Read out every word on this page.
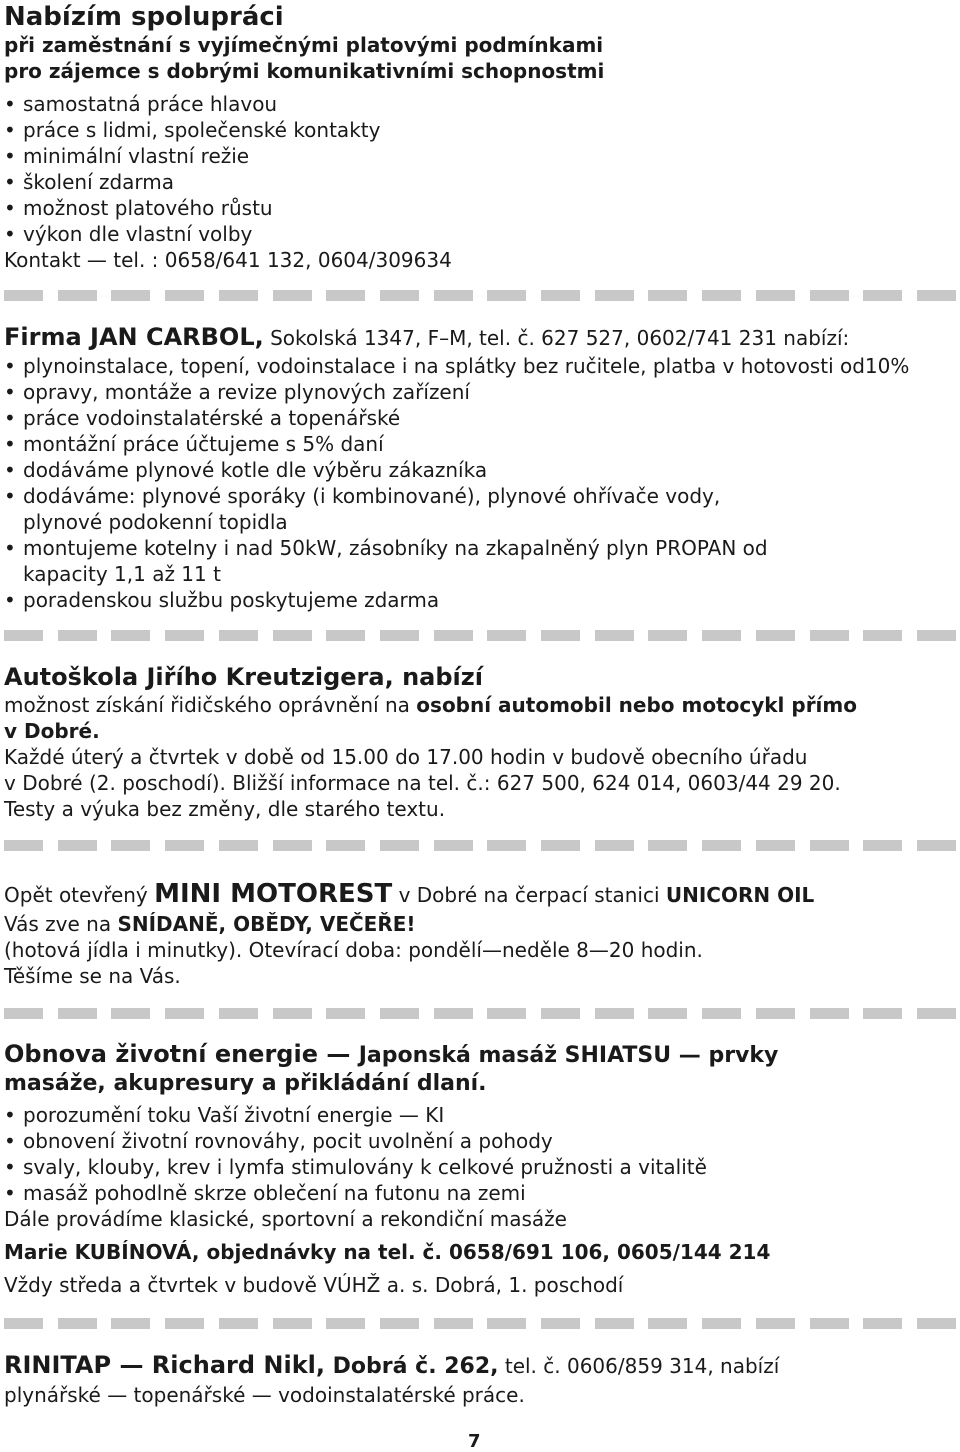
Nabízím spolupráci
při zaměstnání s vyjímečnými platovými podmínkami
pro zájemce s dobrými komunikativními schopnostmi
• samostatná práce hlavou
• práce s lidmi, společenské kontakty
• minimální vlastní režie
• školení zdarma
• možnost platového růstu
• výkon dle vlastní volby
Kontakt — tel. : 0658/641 132, 0604/309634
Firma JAN CARBOL, Sokolská 1347, F–M, tel. č. 627 527, 0602/741 231 nabízí:
• plynoinstalace, topení, vodoinstalace i na splátky bez ručitele, platba v hotovosti od10%
• opravy, montáže a revize plynových zařízení
• práce vodoinstalatérské a topenářské
• montážní práce účtujeme s 5% daní
• dodáváme plynové kotle dle výběru zákazníka
• dodáváme: plynové sporáky (i kombinované), plynové ohřívače vody,
plynové podokenní topidla
• montujeme kotelny i nad 50kW, zásobníky na zkapalněný plyn PROPAN od
kapacity 1,1 až 11 t
• poradenskou službu poskytujeme zdarma
Autoškola Jiřího Kreutzigera, nabízí
možnost získání řidičského oprávnění na osobní automobil nebo motocykl přímo
v Dobré.
Každé úterý a čtvrtek v době od 15.00 do 17.00 hodin v budově obecního úřadu
v Dobré (2. poschodí). Bližší informace na tel. č.: 627 500, 624 014, 0603/44 29 20.
Testy a výuka bez změny, dle starého textu.
Opět otevřený MINI MOTOREST v Dobré na čerpací stanici UNICORN OIL
Vás zve na SNÍDANĚ, OBĚDY, VEČEŘE!
(hotová jídla i minutky). Otevírací doba: pondělí—neděle 8—20 hodin.
Těšíme se na Vás.
Obnova životní energie — Japonská masáž SHIATSU — prvky
masáže, akupresury a přikládání dlaní.
• porozumění toku Vaší životní energie — KI
• obnovení životní rovnováhy, pocit uvolnění a pohody
• svaly, klouby, krev i lymfa stimulovány k celkové pružnosti a vitalitě
• masáž pohodlně skrze oblečení na futonu na zemi
Dále provádíme klasické, sportovní a rekondiční masáže
Marie KUBÍNOVÁ, objednávky na tel. č. 0658/691 106, 0605/144 214
Vždy středa a čtvrtek v budově VÚHŽ a. s. Dobrá, 1. poschodí
RINITAP — Richard Nikl, Dobrá č. 262, tel. č. 0606/859 314, nabízí
plynářské — topenářské — vodoinstalatérské práce.
7
